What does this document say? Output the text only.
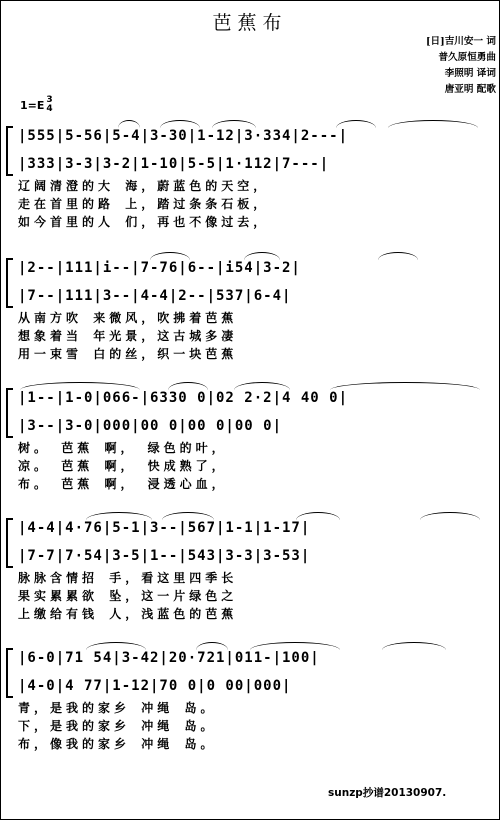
芭蕉布
[日]吉川安一 词
普久原恒勇曲
李照明 译词
唐亚明 配歌
1=E 3
4
|555|5-56|5-4|3-30|1-12|3·334|2---|
|333|3-3|3-2|1-10|5-5|1·112|7---|
辽阔清澄的大 海，蔚蓝色的天空，
走在首里的路 上，踏过条条石板，
如今首里的人 们，再也不像过去，
|2--|111|i--|7-76|6--|i54|3-2|
|7--|111|3--|4-4|2--|537|6-4|
从南方吹 来微风，吹拂着芭蕉
想象着当 年光景，这古城多凄
用一束雪 白的丝，织一块芭蕉
|1--|1-0|066-|6330 0|02 2·2|4 40 0|
|3--|3-0|000|00 0|00 0|00 0|
树。 芭蕉 啊， 绿色的叶，
凉。 芭蕉 啊， 快成熟了，
布。 芭蕉 啊， 浸透心血，
|4-4|4·76|5-1|3--|567|1-1|1-17|
|7-7|7·54|3-5|1--|543|3-3|3-53|
脉脉含情招 手，看这里四季长
果实累累欲 坠，这一片绿色之
上缴给有钱 人，浅蓝色的芭蕉
|6-0|71 54|3-42|20·721|011-|100|
|4-0|4 77|1-12|70 0|0 00|000|
青，是我的家乡 冲绳 岛。
下，是我的家乡 冲绳 岛。
布，像我的家乡 冲绳 岛。
sunzp抄谱20130907.
